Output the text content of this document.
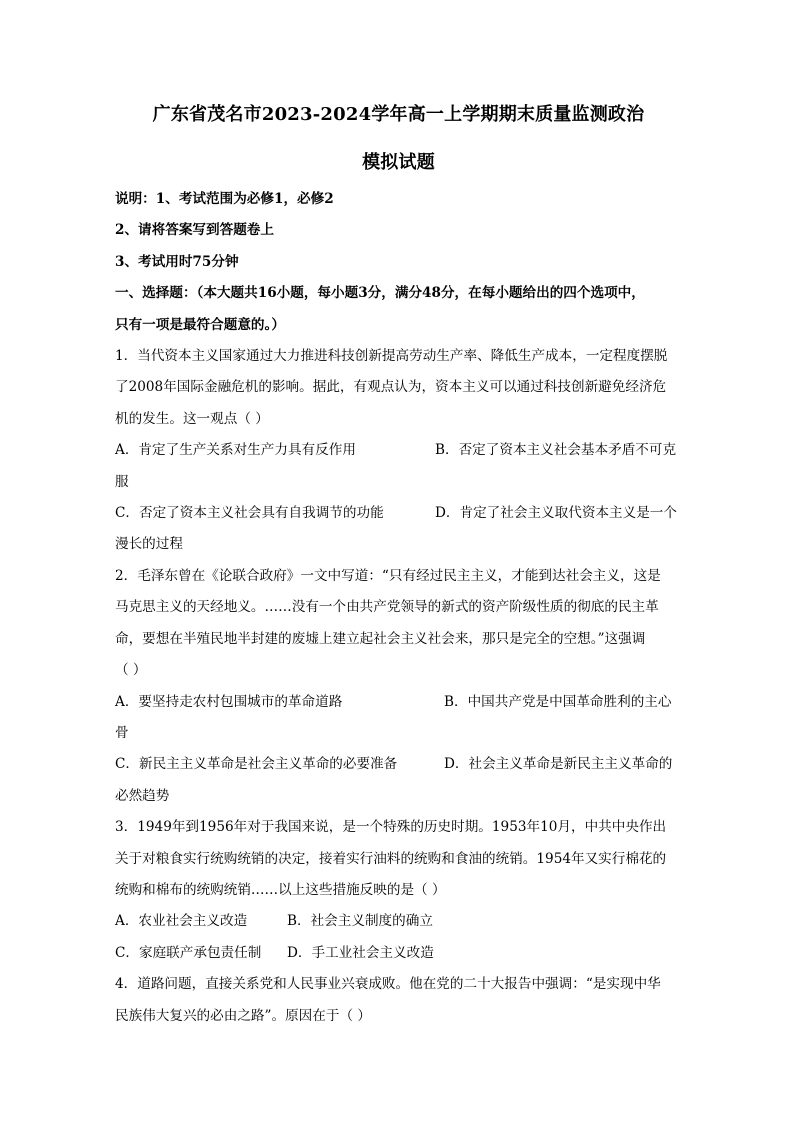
广东省茂名市2023-2024学年高一上学期期末质量监测政治
模拟试题
说明：1、考试范围为必修1，必修2
2、请将答案写到答题卷上
3、考试用时75分钟
一、选择题：（本大题共16小题，每小题3分，满分48分，在每小题给出的四个选项中，
只有一项是最符合题意的。）
1．当代资本主义国家通过大力推进科技创新提高劳动生产率、降低生产成本，一定程度摆脱
了2008年国际金融危机的影响。据此，有观点认为，资本主义可以通过科技创新避免经济危
机的发生。这一观点（ ）
A．肯定了生产关系对生产力具有反作用	B．否定了资本主义社会基本矛盾不可克
服
C．否定了资本主义社会具有自我调节的功能	D．肯定了社会主义取代资本主义是一个
漫长的过程
2．毛泽东曾在《论联合政府》一文中写道：“只有经过民主主义，才能到达社会主义，这是
马克思主义的天经地义。……没有一个由共产党领导的新式的资产阶级性质的彻底的民主革
命，要想在半殖民地半封建的废墟上建立起社会主义社会来，那只是完全的空想。”这强调
（ ）
A．要坚持走农村包围城市的革命道路	B．中国共产党是中国革命胜利的主心
骨
C．新民主主义革命是社会主义革命的必要准备	D．社会主义革命是新民主主义革命的
必然趋势
3．1949年到1956年对于我国来说，是一个特殊的历史时期。1953年10月，中共中央作出
关于对粮食实行统购统销的决定，接着实行油料的统购和食油的统销。1954年又实行棉花的
统购和棉布的统购统销……以上这些措施反映的是（ ）
A．农业社会主义改造	B．社会主义制度的确立
C．家庭联产承包责任制	D．手工业社会主义改造
4．道路问题，直接关系党和人民事业兴衰成败。他在党的二十大报告中强调：“是实现中华
民族伟大复兴的必由之路”。原因在于（ ）
